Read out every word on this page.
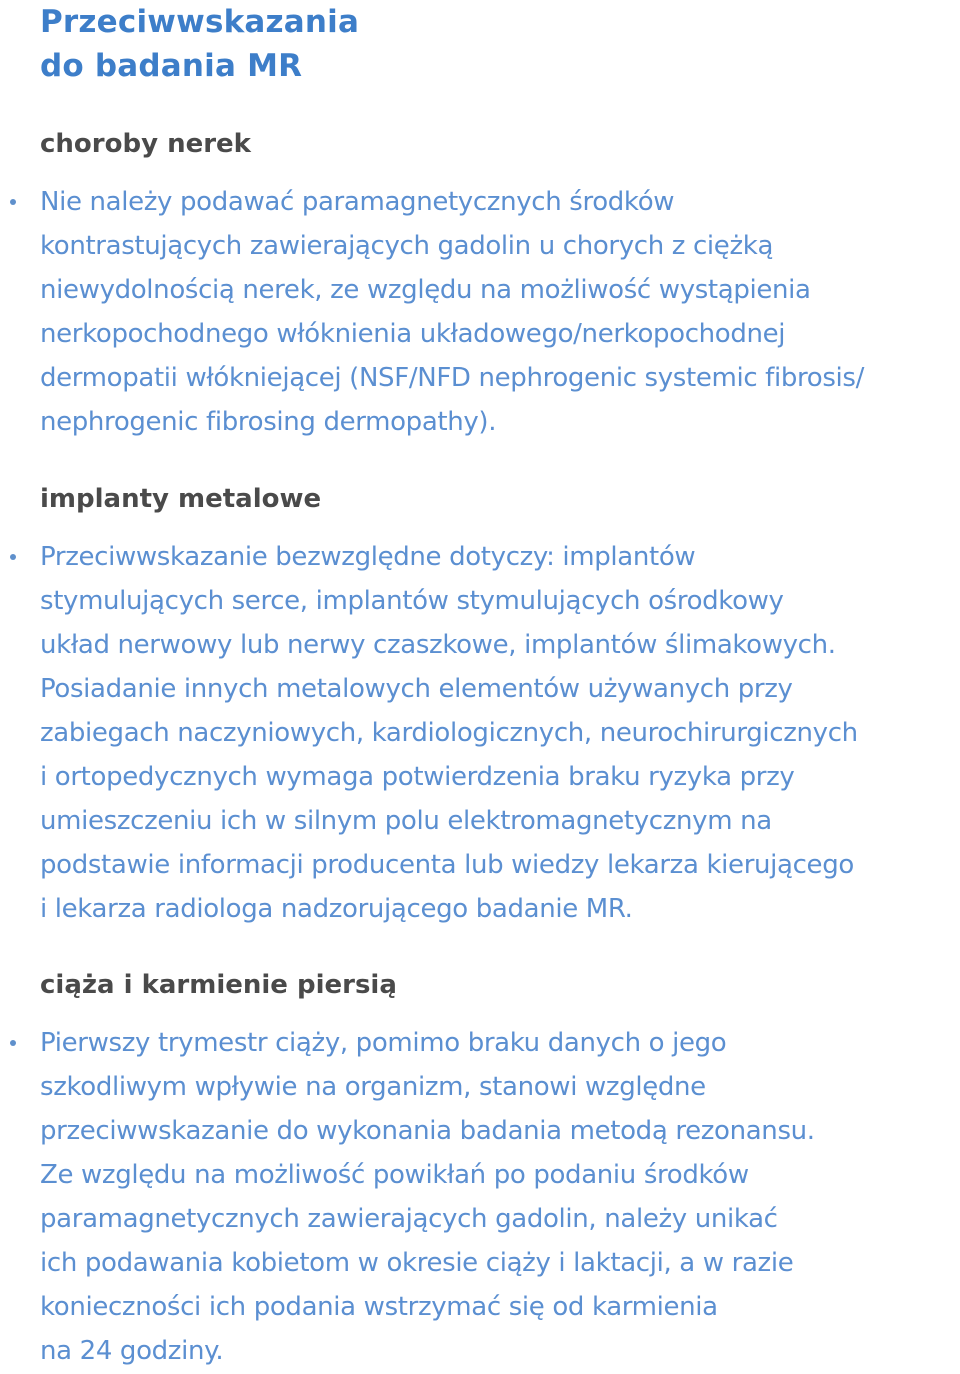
Przeciwwskazania
do badania MR
choroby nerek

Nie należy podawać paramagnetycznych środków
kontrastujących zawierających gadolin u chorych z ciężką
niewydolnością nerek, ze względu na możliwość wystąpienia
nerkopochodnego włóknienia układowego/nerkopochodnej
dermopatii włókniejącej (NSF/NFD nephrogenic systemic fibrosis/
nephrogenic fibrosing dermopathy).

implanty metalowe

Przeciwwskazanie bezwzględne dotyczy: implantów
stymulujących serce, implantów stymulujących ośrodkowy
układ nerwowy lub nerwy czaszkowe, implantów ślimakowych.
Posiadanie innych metalowych elementów używanych przy
zabiegach naczyniowych, kardiologicznych, neurochirurgicznych
i ortopedycznych wymaga potwierdzenia braku ryzyka przy
umieszczeniu ich w silnym polu elektromagnetycznym na
podstawie informacji producenta lub wiedzy lekarza kierującego
i lekarza radiologa nadzorującego badanie MR.

ciąża i karmienie piersią

Pierwszy trymestr ciąży, pomimo braku danych o jego
szkodliwym wpływie na organizm, stanowi względne
przeciwwskazanie do wykonania badania metodą rezonansu.
Ze względu na możliwość powikłań po podaniu środków
paramagnetycznych zawierających gadolin, należy unikać
ich podawania kobietom w okresie ciąży i laktacji, a w razie
konieczności ich podania wstrzymać się od karmienia
na 24 godziny.
